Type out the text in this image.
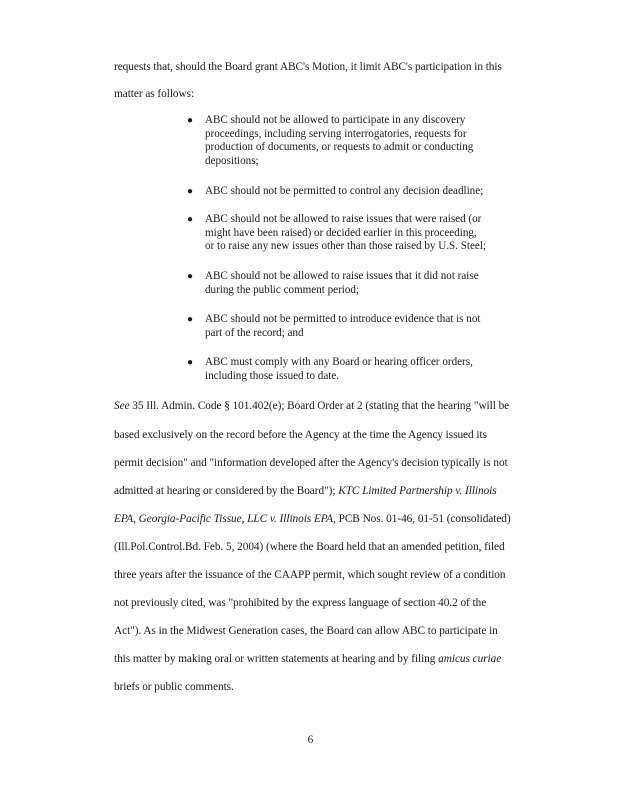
requests that, should the Board grant ABC's Motion, it limit ABC's participation in this
matter as follows:
● ABC should not be allowed to participate in any discovery
proceedings, including serving interrogatories, requests for
production of documents, or requests to admit or conducting
depositions;
● ABC should not be permitted to control any decision deadline;
● ABC should not be allowed to raise issues that were raised (or
might have been raised) or decided earlier in this proceeding,
or to raise any new issues other than those raised by U.S. Steel;
● ABC should not be allowed to raise issues that it did not raise
during the public comment period;
● ABC should not be permitted to introduce evidence that is not
part of the record; and
● ABC must comply with any Board or hearing officer orders,
including those issued to date.
See 35 Ill. Admin. Code § 101.402(e); Board Order at 2 (stating that the hearing "will be
based exclusively on the record before the Agency at the time the Agency issued its
permit decision" and "information developed after the Agency's decision typically is not
admitted at hearing or considered by the Board"); KTC Limited Partnership v. Illinois
EPA, Georgia-Pacific Tissue, LLC v. Illinois EPA, PCB Nos. 01-46, 01-51 (consolidated)
(Ill.Pol.Control.Bd. Feb. 5, 2004) (where the Board held that an amended petition, filed
three years after the issuance of the CAAPP permit, which sought review of a condition
not previously cited, was "prohibited by the express language of section 40.2 of the
Act"). As in the Midwest Generation cases, the Board can allow ABC to participate in
this matter by making oral or written statements at hearing and by filing amicus curiae
briefs or public comments.
6
